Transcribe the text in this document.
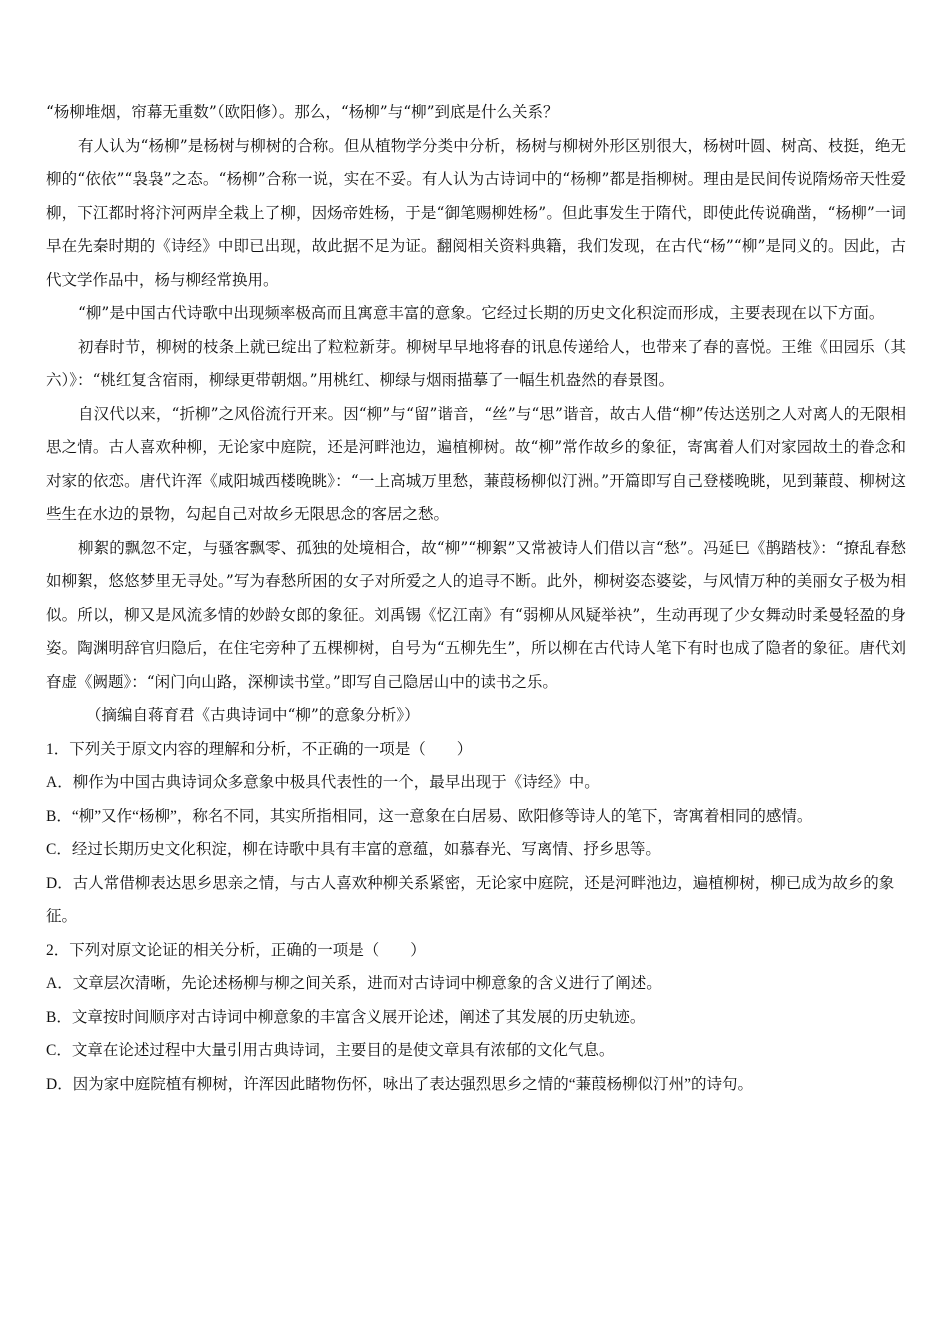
“杨柳堆烟，帘幕无重数”（欧阳修）。那么，“杨柳”与“柳”到底是什么关系？

有人认为“杨柳”是杨树与柳树的合称。但从植物学分类中分析，杨树与柳树外形区别很大，杨树叶圆、树高、枝挺，绝无柳的“依依”“袅袅”之态。“杨柳”合称一说，实在不妥。有人认为古诗词中的“杨柳”都是指柳树。理由是民间传说隋炀帝天性爱柳，下江都时将汴河两岸全栽上了柳，因炀帝姓杨，于是“御笔赐柳姓杨”。但此事发生于隋代，即使此传说确凿，“杨柳”一词早在先秦时期的《诗经》中即已出现，故此据不足为证。翻阅相关资料典籍，我们发现，在古代“杨”“柳”是同义的。因此，古代文学作品中，杨与柳经常换用。

“柳”是中国古代诗歌中出现频率极高而且寓意丰富的意象。它经过长期的历史文化积淀而形成，主要表现在以下方面。

初春时节，柳树的枝条上就已绽出了粒粒新芽。柳树早早地将春的讯息传递给人，也带来了春的喜悦。王维《田园乐（其六）》：“桃红复含宿雨，柳绿更带朝烟。”用桃红、柳绿与烟雨描摹了一幅生机盎然的春景图。

自汉代以来，“折柳”之风俗流行开来。因“柳”与“留”谐音，“丝”与“思”谐音，故古人借“柳”传达送别之人对离人的无限相思之情。古人喜欢种柳，无论家中庭院，还是河畔池边，遍植柳树。故“柳”常作故乡的象征，寄寓着人们对家园故土的眷念和对家的依恋。唐代许浑《咸阳城西楼晚眺》：“一上高城万里愁，蒹葭杨柳似汀洲。”开篇即写自己登楼晚眺，见到蒹葭、柳树这些生在水边的景物，勾起自己对故乡无限思念的客居之愁。

柳絮的飘忽不定，与骚客飘零、孤独的处境相合，故“柳”“柳絮”又常被诗人们借以言“愁”。冯延巳《鹊踏枝》：“撩乱春愁如柳絮，悠悠梦里无寻处。”写为春愁所困的女子对所爱之人的追寻不断。此外，柳树姿态婆娑，与风情万种的美丽女子极为相似。所以，柳又是风流多情的妙龄女郎的象征。刘禹锡《忆江南》有“弱柳从风疑举袂”，生动再现了少女舞动时柔曼轻盈的身姿。陶渊明辞官归隐后，在住宅旁种了五棵柳树，自号为“五柳先生”，所以柳在古代诗人笔下有时也成了隐者的象征。唐代刘眘虚《阙题》：“闲门向山路，深柳读书堂。”即写自己隐居山中的读书之乐。

（摘编自蒋育君《古典诗词中“柳”的意象分析》）

1．下列关于原文内容的理解和分析，不正确的一项是（　　）

A．柳作为中国古典诗词众多意象中极具代表性的一个，最早出现于《诗经》中。

B．“柳”又作“杨柳”，称名不同，其实所指相同，这一意象在白居易、欧阳修等诗人的笔下，寄寓着相同的感情。

C．经过长期历史文化积淀，柳在诗歌中具有丰富的意蕴，如慕春光、写离情、抒乡思等。

D．古人常借柳表达思乡思亲之情，与古人喜欢种柳关系紧密，无论家中庭院，还是河畔池边，遍植柳树，柳已成为故乡的象征。

2．下列对原文论证的相关分析，正确的一项是（　　）

A．文章层次清晰，先论述杨柳与柳之间关系，进而对古诗词中柳意象的含义进行了阐述。

B．文章按时间顺序对古诗词中柳意象的丰富含义展开论述，阐述了其发展的历史轨迹。

C．文章在论述过程中大量引用古典诗词，主要目的是使文章具有浓郁的文化气息。

D．因为家中庭院植有柳树，许浑因此睹物伤怀，咏出了表达强烈思乡之情的“蒹葭杨柳似汀州”的诗句。
